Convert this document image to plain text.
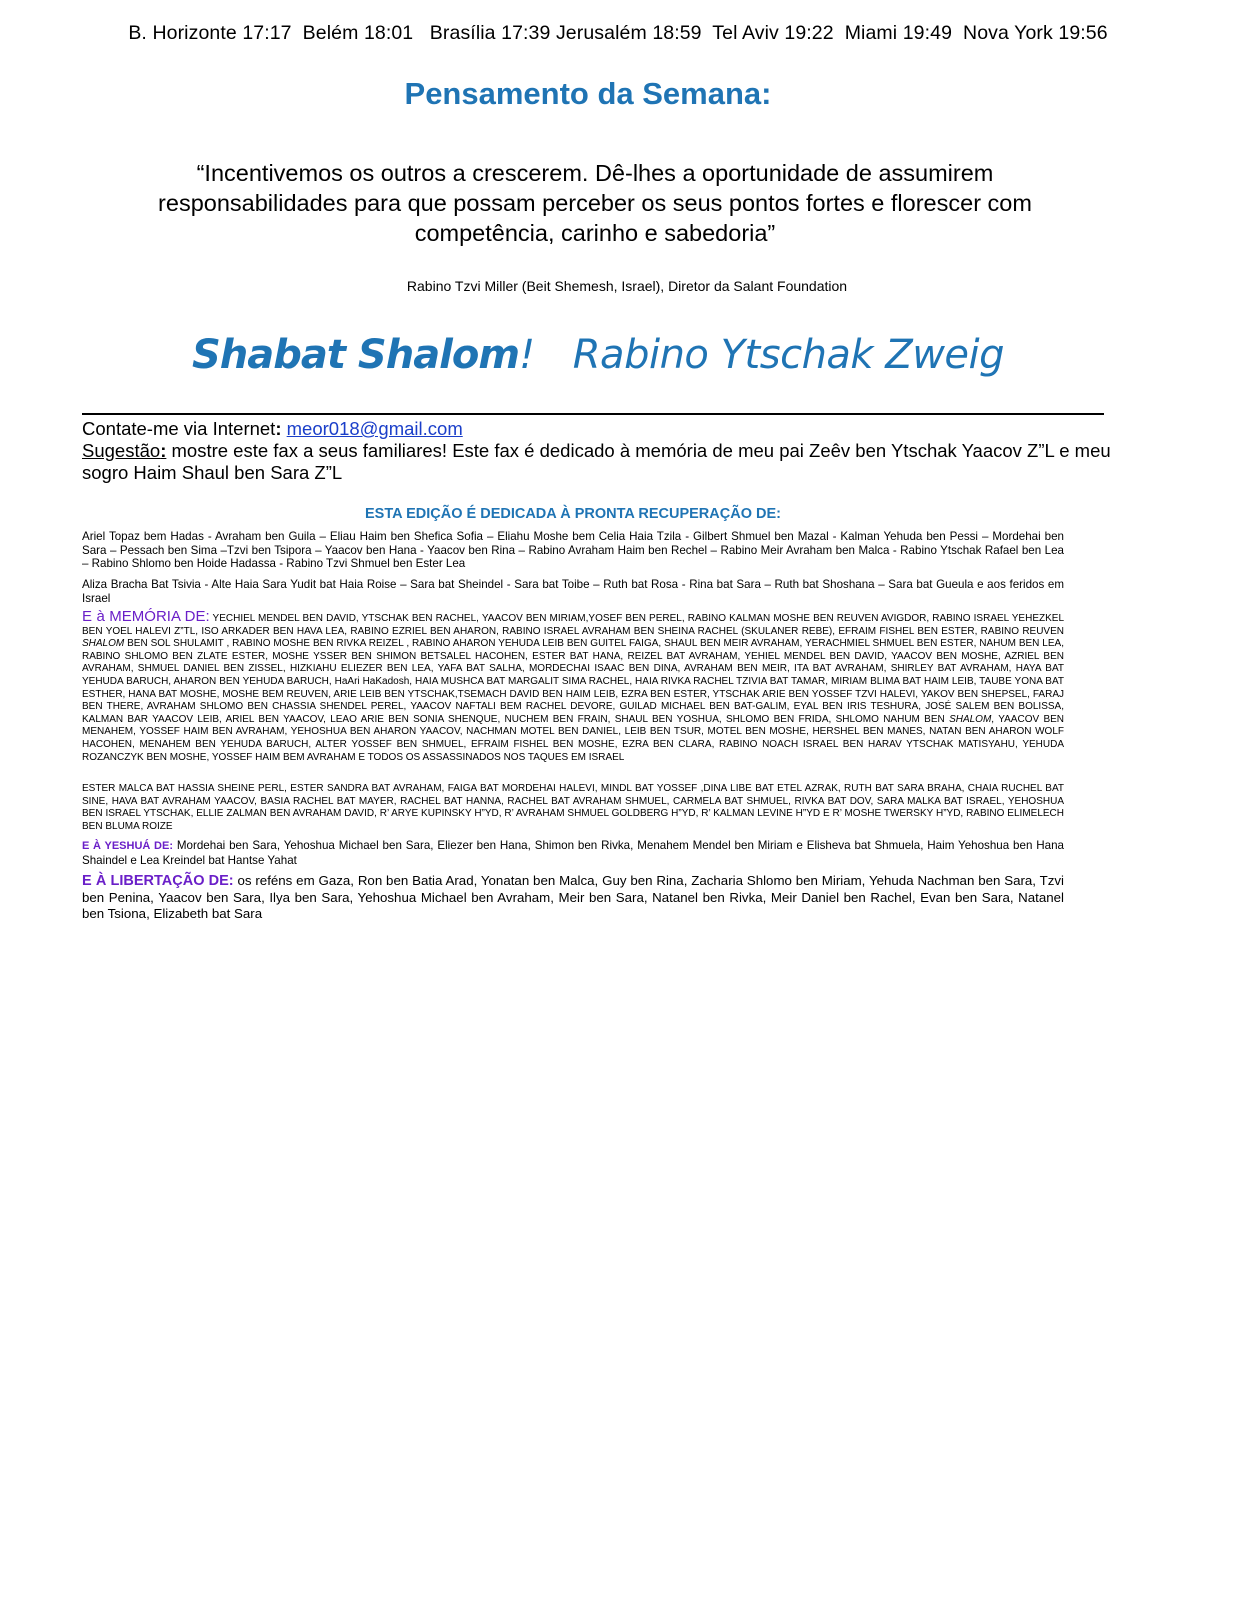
B. Horizonte 17:17  Belém 18:01   Brasília 17:39 Jerusalém 18:59  Tel Aviv 19:22  Miami 19:49  Nova York 19:56
Pensamento da Semana:
“Incentivemos os outros a crescerem. Dê-lhes a oportunidade de assumirem responsabilidades para que possam perceber os seus pontos fortes e florescer com competência, carinho e sabedoria”
Rabino Tzvi Miller (Beit Shemesh, Israel), Diretor da Salant Foundation
Shabat Shalom! Rabino Ytschak Zweig
Contate-me via Internet: meor018@gmail.com
Sugestão: mostre este fax a seus familiares! Este fax é dedicado à memória de meu pai Zeêv ben Ytschak Yaacov Z”L e meu sogro Haim Shaul ben Sara Z”L
ESTA EDIÇÃO É DEDICADA À PRONTA RECUPERAÇÃO DE:
Ariel Topaz bem Hadas - Avraham ben Guila – Eliau Haim ben Shefica Sofia – Eliahu Moshe bem Celia Haia Tzila - Gilbert Shmuel ben Mazal - Kalman Yehuda ben Pessi – Mordehai ben Sara – Pessach ben Sima –Tzvi ben Tsipora – Yaacov ben Hana - Yaacov ben Rina – Rabino Avraham Haim ben Rechel – Rabino Meir Avraham ben Malca - Rabino Ytschak Rafael ben Lea – Rabino Shlomo ben Hoide Hadassa - Rabino Tzvi Shmuel ben Ester Lea
Aliza Bracha Bat Tsivia - Alte Haia Sara Yudit bat Haia Roise – Sara bat Sheindel - Sara bat Toibe – Ruth bat Rosa - Rina bat Sara – Ruth bat Shoshana – Sara bat Gueula e aos feridos em Israel
E à MEMÓRIA DE: YECHIEL MENDEL BEN DAVID, YTSCHAK BEN RACHEL, YAACOV BEN MIRIAM,YOSEF BEN PEREL, RABINO KALMAN MOSHE BEN REUVEN AVIGDOR, RABINO ISRAEL YEHEZKEL BEN YOEL HALEVI Z”TL, ISO ARKADER BEN HAVA LEA, RABINO EZRIEL BEN AHARON, RABINO ISRAEL AVRAHAM BEN SHEINA RACHEL (SKULANER REBE), EFRAIM FISHEL BEN ESTER, RABINO REUVEN SHALOM BEN SOL SHULAMIT , RABINO MOSHE BEN RIVKA REIZEL , RABINO AHARON YEHUDA LEIB BEN GUITEL FAIGA, SHAUL BEN MEIR AVRAHAM, YERACHMIEL SHMUEL BEN ESTER, NAHUM BEN LEA, RABINO SHLOMO BEN ZLATE ESTER, MOSHE YSSER BEN SHIMON BETSALEL HACOHEN, ESTER BAT HANA, REIZEL BAT AVRAHAM, YEHIEL MENDEL BEN DAVID, YAACOV BEN MOSHE, AZRIEL BEN AVRAHAM, SHMUEL DANIEL BEN ZISSEL, HIZKIAHU ELIEZER BEN LEA, YAFA BAT SALHA, MORDECHAI ISAAC BEN DINA, AVRAHAM BEN MEIR, ITA BAT AVRAHAM, SHIRLEY BAT AVRAHAM, HAYA BAT YEHUDA BARUCH, AHARON BEN YEHUDA BARUCH, HaAri HaKadosh, HAIA MUSHCA BAT MARGALIT SIMA RACHEL, HAIA RIVKA RACHEL TZIVIA BAT TAMAR, MIRIAM BLIMA BAT HAIM LEIB, TAUBE YONA BAT ESTHER, HANA BAT MOSHE, MOSHE BEM REUVEN, ARIE LEIB BEN YTSCHAK,TSEMACH DAVID BEN HAIM LEIB, EZRA BEN ESTER, YTSCHAK ARIE BEN YOSSEF TZVI HALEVI, YAKOV BEN SHEPSEL, FARAJ BEN THERE, AVRAHAM SHLOMO BEN CHASSIA SHENDEL PEREL, YAACOV NAFTALI BEM RACHEL DEVORE, GUILAD MICHAEL BEN BAT-GALIM, EYAL BEN IRIS TESHURA, JOSÉ SALEM BEN BOLISSA, KALMAN BAR YAACOV LEIB, ARIEL BEN YAACOV, LEAO ARIE BEN SONIA SHENQUE, NUCHEM BEN FRAIN, SHAUL BEN YOSHUA, SHLOMO BEN FRIDA, SHLOMO NAHUM BEN SHALOM, YAACOV BEN MENAHEM, YOSSEF HAIM BEN AVRAHAM, YEHOSHUA BEN AHARON YAACOV, NACHMAN MOTEL BEN DANIEL, LEIB BEN TSUR, MOTEL BEN MOSHE, HERSHEL BEN MANES, NATAN BEN AHARON WOLF HACOHEN, MENAHEM BEN YEHUDA BARUCH, ALTER YOSSEF BEN SHMUEL, EFRAIM FISHEL BEN MOSHE, EZRA BEN CLARA, RABINO NOACH ISRAEL BEN HARAV YTSCHAK MATISYAHU, YEHUDA ROZANCZYK BEN MOSHE, YOSSEF HAIM BEM AVRAHAM E TODOS OS ASSASSINADOS NOS TAQUES EM ISRAEL
ESTER MALCA BAT HASSIA SHEINE PERL, ESTER SANDRA BAT AVRAHAM, FAIGA BAT MORDEHAI HALEVI, MINDL BAT YOSSEF ,DINA LIBE BAT ETEL AZRAK, RUTH BAT SARA BRAHA, CHAIA RUCHEL BAT SINE, HAVA BAT AVRAHAM YAACOV, BASIA RACHEL BAT MAYER, RACHEL BAT HANNA, RACHEL BAT AVRAHAM SHMUEL, CARMELA BAT SHMUEL, RIVKA BAT DOV, SARA MALKA BAT ISRAEL, YEHOSHUA BEN ISRAEL YTSCHAK, ELLIE ZALMAN BEN AVRAHAM DAVID, R’ ARYE KUPINSKY H”YD, R’ AVRAHAM SHMUEL GOLDBERG H”YD, R’ KALMAN LEVINE H”YD E R’ MOSHE TWERSKY H”YD, RABINO ELIMELECH BEN BLUMA ROIZE
E À YESHUÁ DE: Mordehai ben Sara, Yehoshua Michael ben Sara, Eliezer ben Hana, Shimon ben Rivka, Menahem Mendel ben Miriam e Elisheva bat Shmuela, Haim Yehoshua ben Hana Shaindel e Lea Kreindel bat Hantse Yahat
E À LIBERTAÇÃO DE: os reféns em Gaza, Ron ben Batia Arad, Yonatan ben Malca, Guy ben Rina, Zacharia Shlomo ben Miriam, Yehuda Nachman ben Sara, Tzvi ben Penina, Yaacov ben Sara, Ilya ben Sara, Yehoshua Michael ben Avraham, Meir ben Sara, Natanel ben Rivka, Meir Daniel ben Rachel, Evan ben Sara, Natanel ben Tsiona, Elizabeth bat Sara
